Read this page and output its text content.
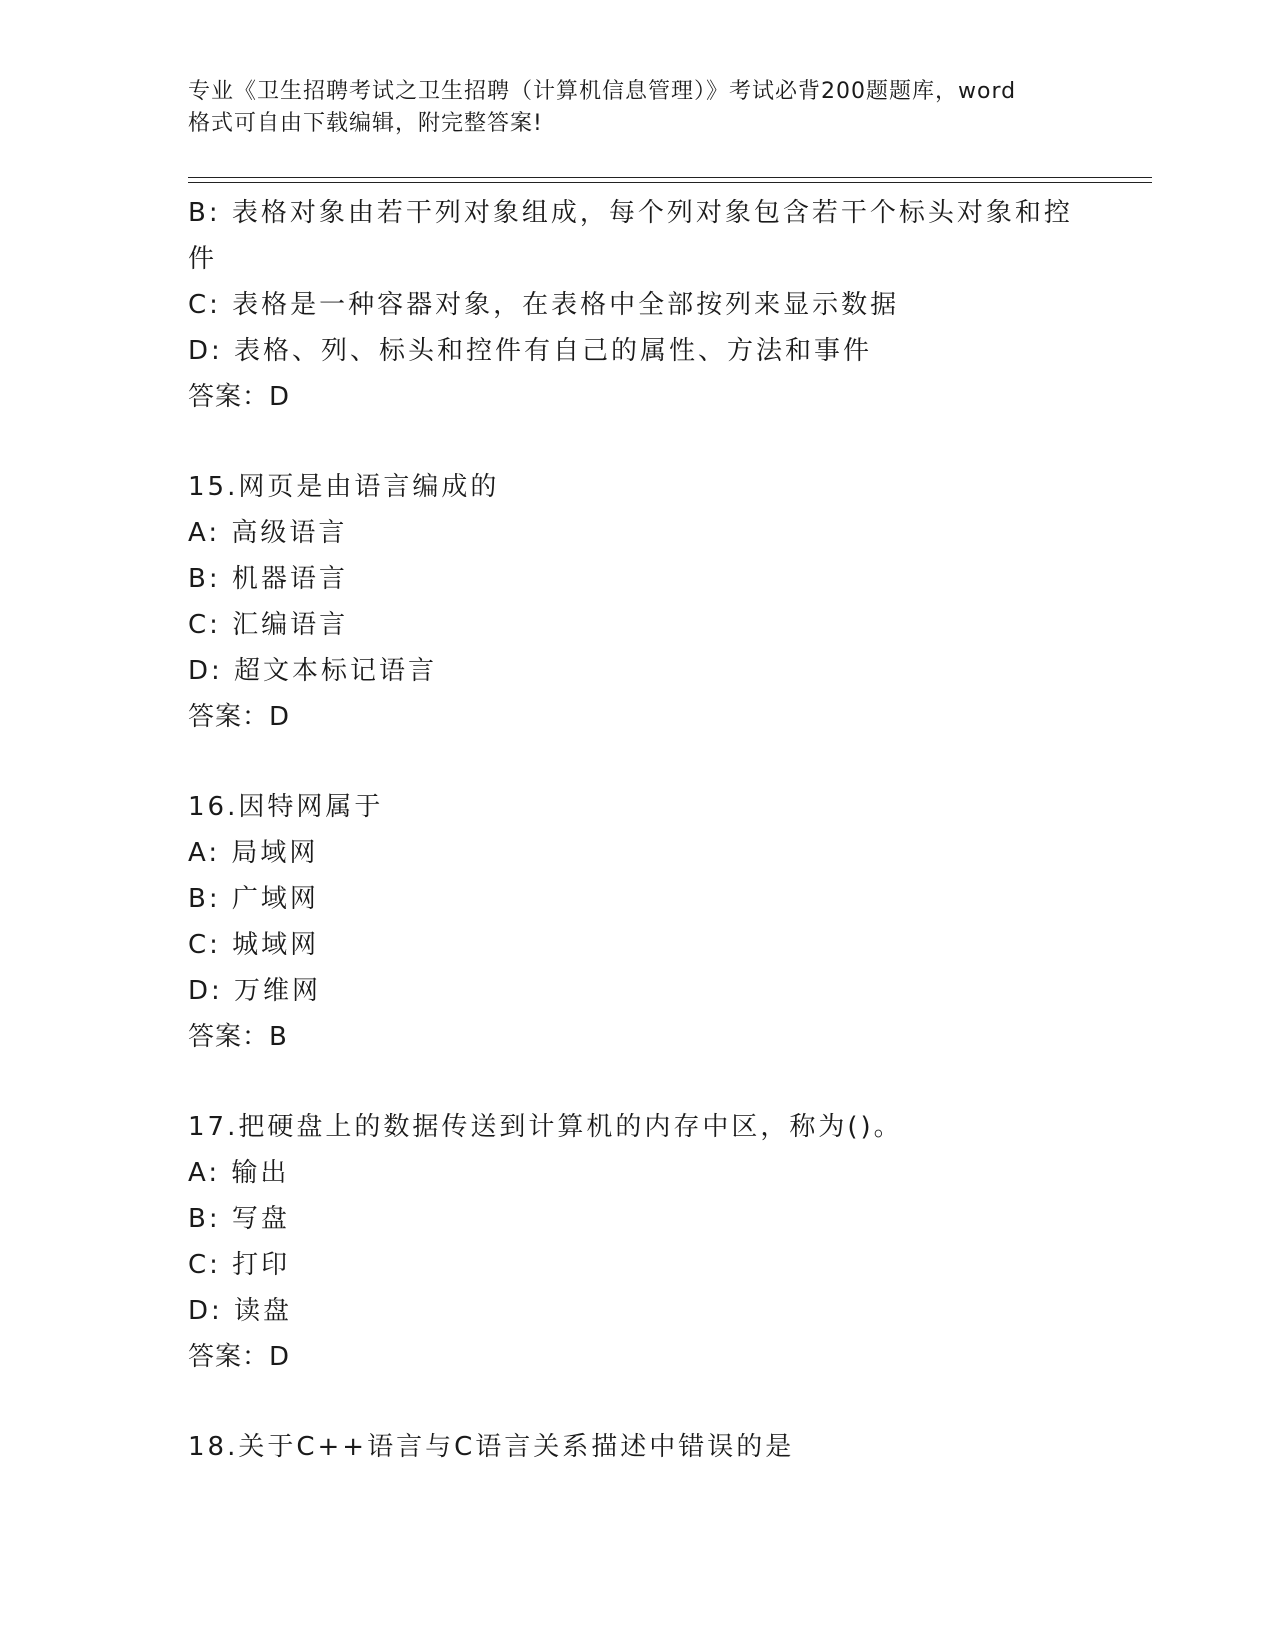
专业《卫生招聘考试之卫生招聘（计算机信息管理）》考试必背200题题库，word
格式可自由下载编辑，附完整答案!

B: 表格对象由若干列对象组成，每个列对象包含若干个标头对象和控

件

C: 表格是一种容器对象，在表格中全部按列来显示数据

D: 表格、列、标头和控件有自己的属性、方法和事件

答案：D

15.网页是由语言编成的

A: 高级语言

B: 机器语言

C: 汇编语言

D: 超文本标记语言

答案：D

16.因特网属于

A: 局域网

B: 广域网

C: 城域网

D: 万维网

答案：B

17.把硬盘上的数据传送到计算机的内存中区，称为()。

A: 输出

B: 写盘

C: 打印

D: 读盘

答案：D

18.关于C++语言与C语言关系描述中错误的是
